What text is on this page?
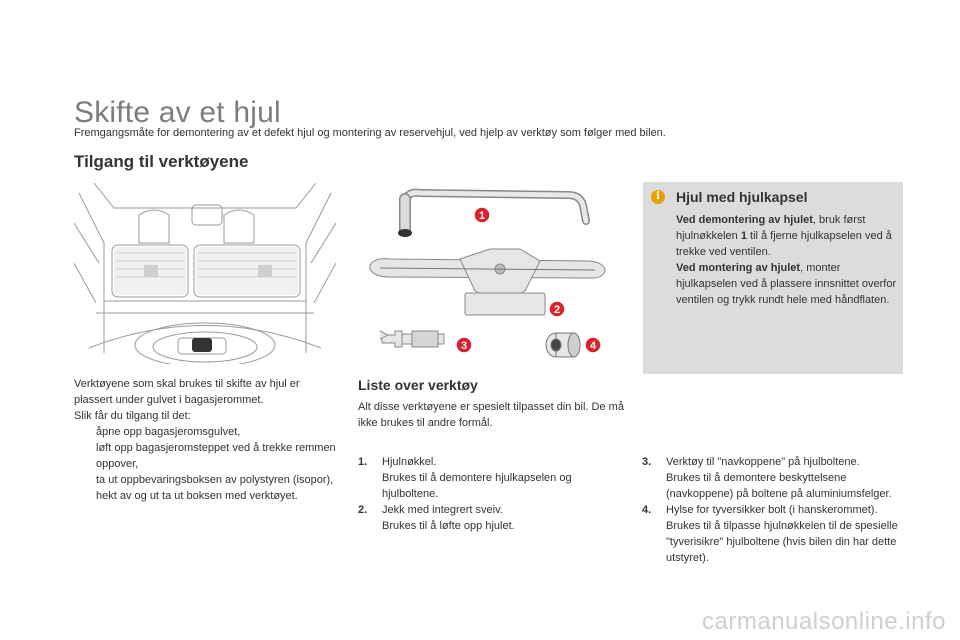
Skifte av et hjul
Fremgangsmåte for demontering av et defekt hjul og montering av reservehjul, ved hjelp av verktøy som følger med bilen.
Tilgang til verktøyene
1
2
3	4
i	Hjul med hjulkapsel
Ved demontering av hjulet, bruk først hjulnøkkelen 1 til å fjerne hjulkapselen ved å trekke ved ventilen.
Ved montering av hjulet, monter hjulkapselen ved å plassere innsnittet overfor ventilen og trykk rundt hele med håndflaten.
Verktøyene som skal brukes til skifte av hjul er plassert under gulvet i bagasjerommet.
Slik får du tilgang til det:
åpne opp bagasjeromsgulvet,
løft opp bagasjeromsteppet ved å trekke remmen oppover,
ta ut oppbevaringsboksen av polystyren (isopor),
hekt av og ut ta ut boksen med verktøyet.
Liste over verktøy
Alt disse verktøyene er spesielt tilpasset din bil. De må ikke brukes til andre formål.
1.	Hjulnøkkel.
Brukes til å demontere hjulkapselen og hjulboltene.
2.	Jekk med integrert sveiv.
Brukes til å løfte opp hjulet.
3.	Verktøy til "navkoppene" på hjulboltene.
Brukes til å demontere beskyttelsene (navkoppene) på boltene på aluminiumsfelger.
4.	Hylse for tyversikker bolt (i hanskerommet).
Brukes til å tilpasse hjulnøkkelen til de spesielle "tyverisikre" hjulboltene (hvis bilen din har dette utstyret).
carmanualsonline.info
